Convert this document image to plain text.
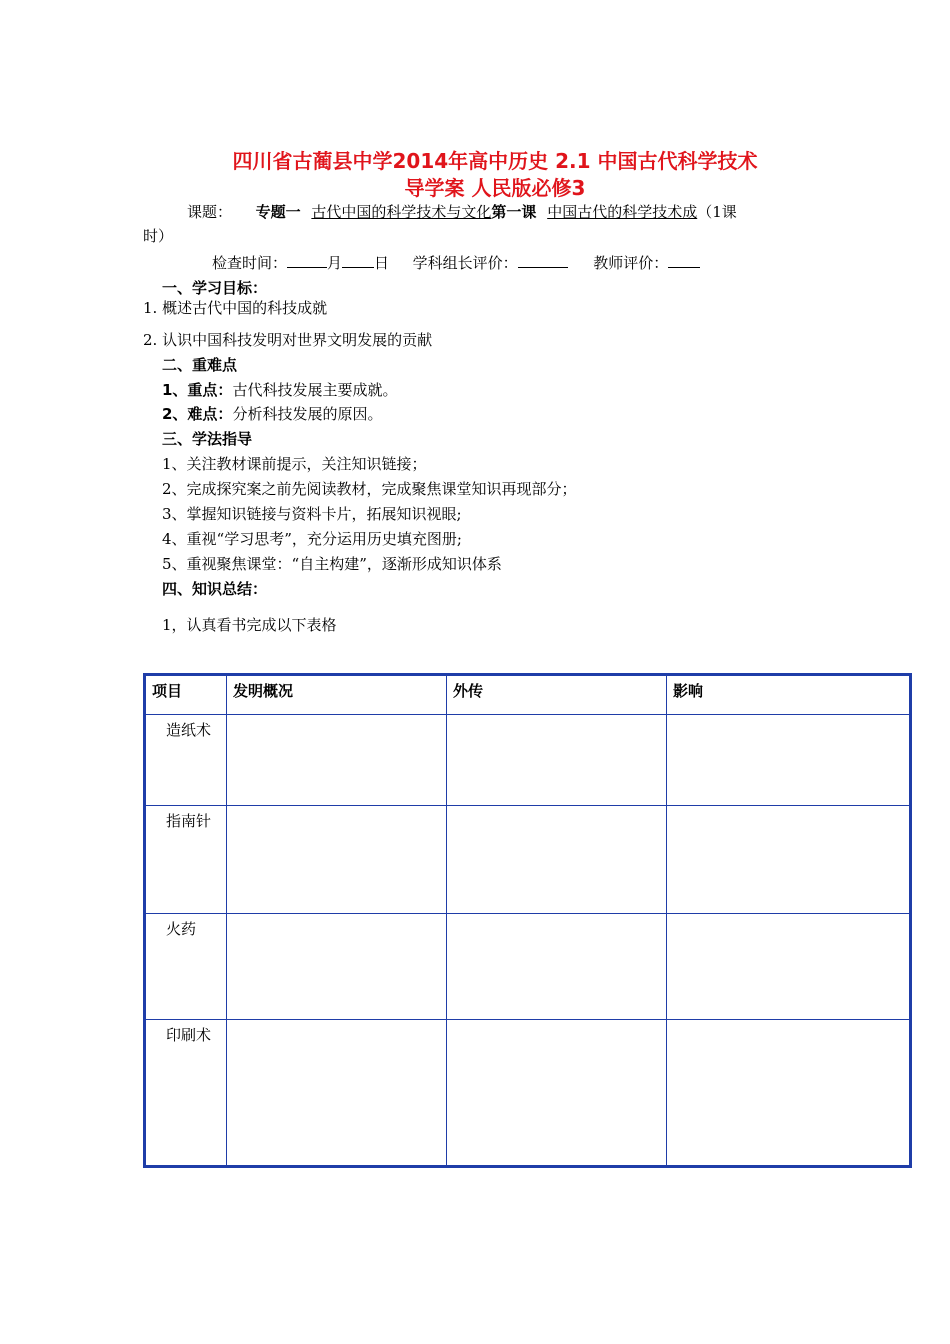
四川省古蔺县中学2014年高中历史 2.1 中国古代科学技术
导学案 人民版必修3
课题： 专题一 古代中国的科学技术与文化第一课 中国古代的科学技术成（1课
时）
检查时间：	月 日 学科组长评价：	教师评价：
一、学习目标：
1. 概述古代中国的科技成就
2. 认识中国科技发明对世界文明发展的贡献
二、重难点
1、重点：古代科技发展主要成就。
2、难点：分析科技发展的原因。
三、学法指导
1、关注教材课前提示，关注知识链接；
2、完成探究案之前先阅读教材，完成聚焦课堂知识再现部分；
3、掌握知识链接与资料卡片，拓展知识视眼;
4、重视“学习思考”，充分运用历史填充图册;
5、重视聚焦课堂：“自主构建”，逐渐形成知识体系
四、知识总结：
1，认真看书完成以下表格
项目	发明概况	外传	影响
造纸术			
指南针			
火药			
印刷术			
